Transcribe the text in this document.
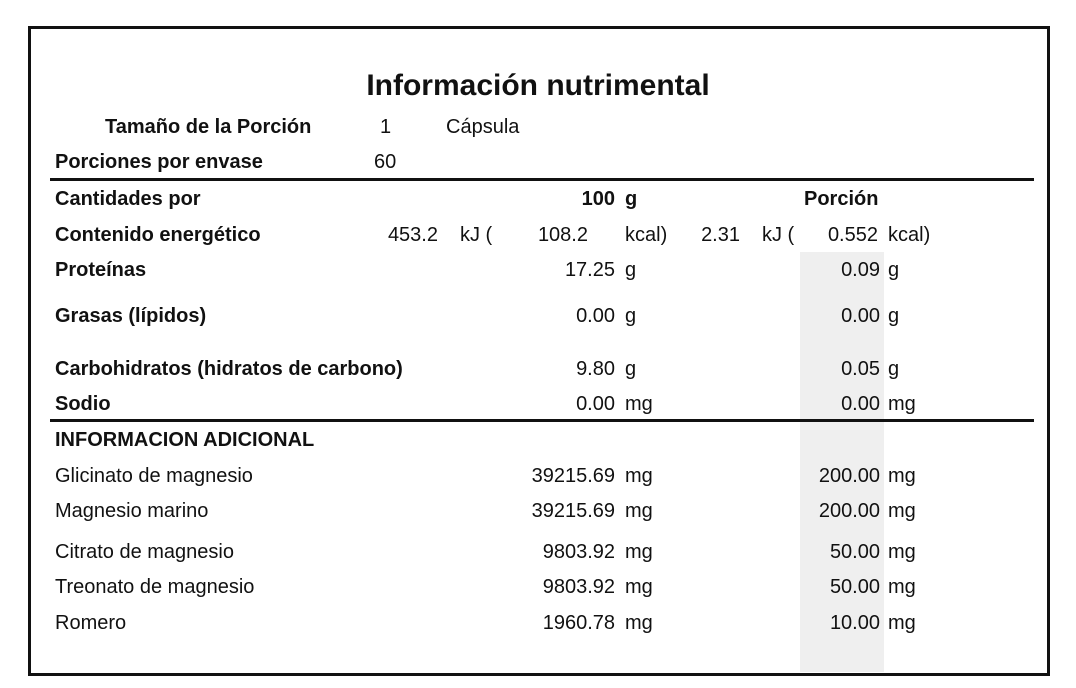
Información nutrimental
Tamaño de la Porción	1	Cápsula
Porciones por envase	60
Cantidades por	100 g	Porción
Contenido energético	453.2 kJ (	108.2 kcal)	2.31 kJ (	0.552 kcal)
Proteínas	17.25 g	0.09 g
Grasas (lípidos)	0.00 g	0.00 g
Carbohidratos (hidratos de carbono)	9.80 g	0.05 g
Sodio	0.00 mg	0.00 mg
INFORMACION ADICIONAL
Glicinato de magnesio	39215.69 mg	200.00 mg
Magnesio marino	39215.69 mg	200.00 mg
Citrato de magnesio	9803.92 mg	50.00 mg
Treonato de magnesio	9803.92 mg	50.00 mg
Romero	1960.78 mg	10.00 mg
